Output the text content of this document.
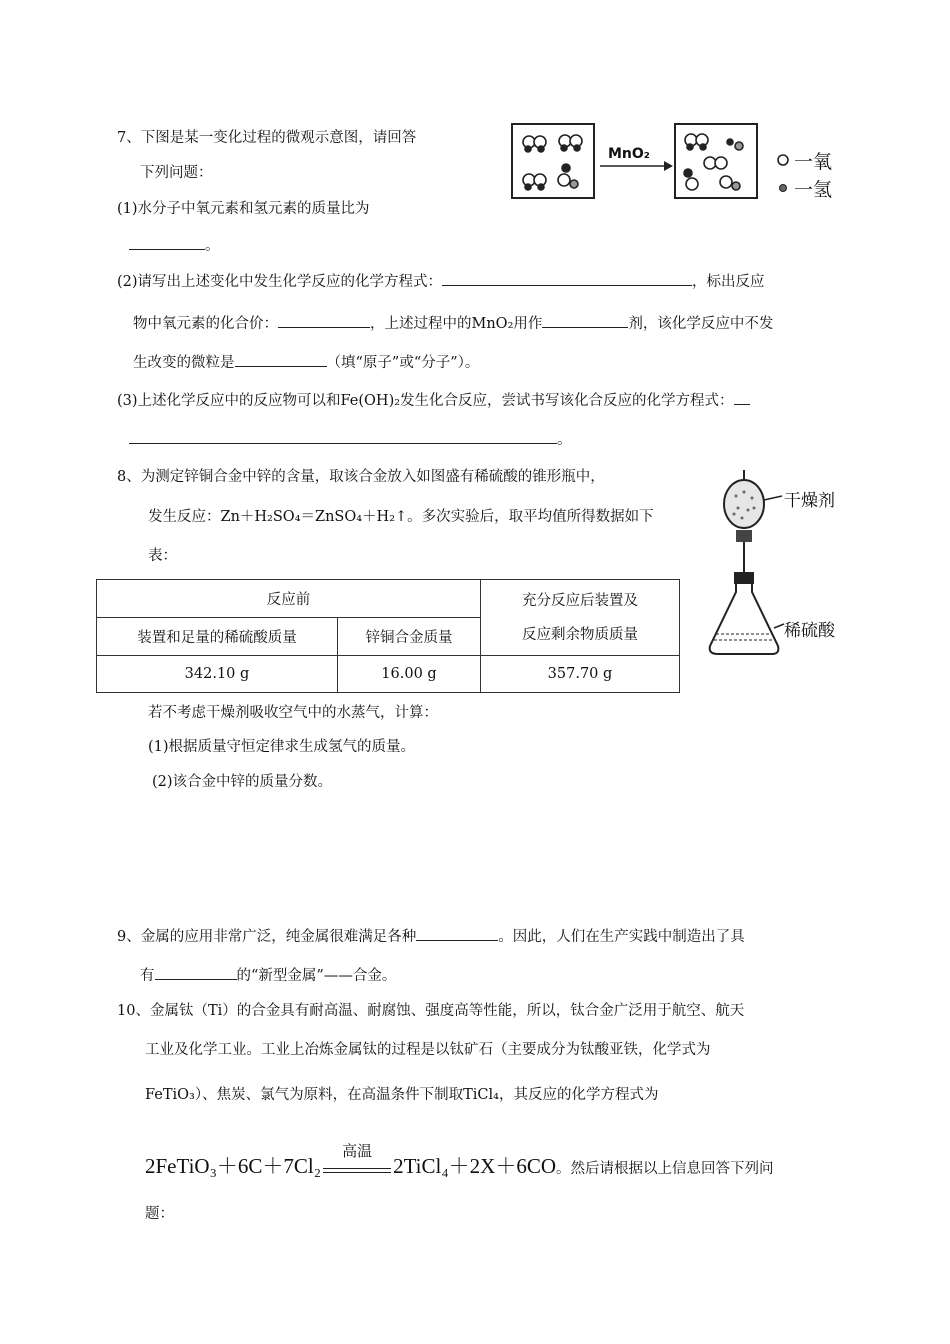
7、下图是某一变化过程的微观示意图，请回答
下列问题：
(1)水分子中氧元素和氢元素的质量比为
。
(2)请写出上述变化中发生化学反应的化学方程式：	，标出反应
物中氧元素的化合价：	，上述过程中的MnO₂用作	剂，该化学反应中不发
生改变的微粒是	（填“原子”或“分子”）。
(3)上述化学反应中的反应物可以和Fe(OH)₂发生化合反应，尝试书写该化合反应的化学方程式：
。
MnO₂	一氧
一氢
8、为测定锌铜合金中锌的含量，取该合金放入如图盛有稀硫酸的锥形瓶中，
发生反应：Zn＋H₂SO₄＝ZnSO₄＋H₂↑。多次实验后，取平均值所得数据如下
表：
反应前		充分反应后装置及
反应剩余物质质量
装置和足量的稀硫酸质量	锌铜合金质量	
342.10 g	16.00 g	357.70 g
干燥剂
稀硫酸
若不考虑干燥剂吸收空气中的水蒸气，计算：
(1)根据质量守恒定律求生成氢气的质量。
(2)该合金中锌的质量分数。
9、金属的应用非常广泛，纯金属很难满足各种	。因此，人们在生产实践中制造出了具
有	的“新型金属”——合金。
10、金属钛（Ti）的合金具有耐高温、耐腐蚀、强度高等性能，所以，钛合金广泛用于航空、航天
工业及化学工业。工业上冶炼金属钛的过程是以钛矿石（主要成分为钛酸亚铁，化学式为
FeTiO₃）、焦炭、氯气为原料，在高温条件下制取TiCl₄，其反应的化学方程式为
2FeTiO₃＋6C＋7Cl₂
高温
2TiCl₄＋2X＋6CO。然后请根据以上信息回答下列问
题：
